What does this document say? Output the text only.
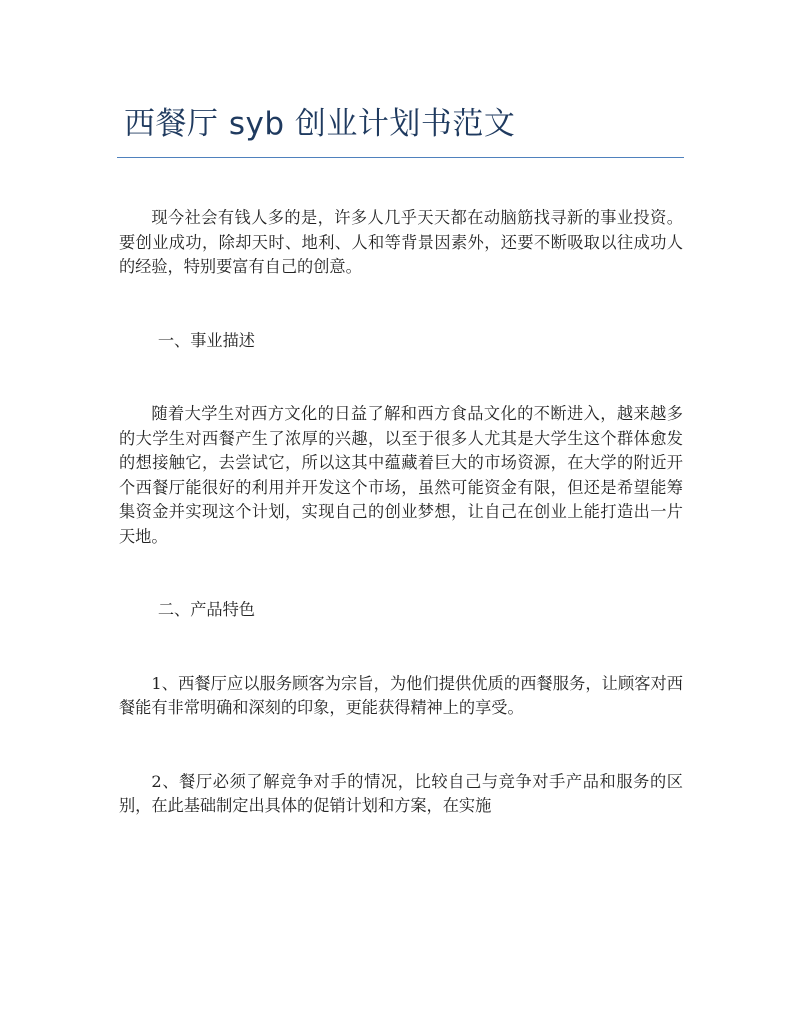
西餐厅 syb 创业计划书范文

现今社会有钱人多的是，许多人几乎天天都在动脑筋找寻新的事业投资。要创业成功，除却天时、地利、人和等背景因素外，还要不断吸取以往成功人的经验，特别要富有自己的创意。

一、事业描述

随着大学生对西方文化的日益了解和西方食品文化的不断进入，越来越多的大学生对西餐产生了浓厚的兴趣，以至于很多人尤其是大学生这个群体愈发的想接触它，去尝试它，所以这其中蕴藏着巨大的市场资源，在大学的附近开个西餐厅能很好的利用并开发这个市场，虽然可能资金有限，但还是希望能筹集资金并实现这个计划，实现自己的创业梦想，让自己在创业上能打造出一片天地。

二、产品特色

1、西餐厅应以服务顾客为宗旨，为他们提供优质的西餐服务，让顾客对西餐能有非常明确和深刻的印象，更能获得精神上的享受。

2、餐厅必须了解竞争对手的情况，比较自己与竞争对手产品和服务的区别，在此基础制定出具体的促销计划和方案，在实施
